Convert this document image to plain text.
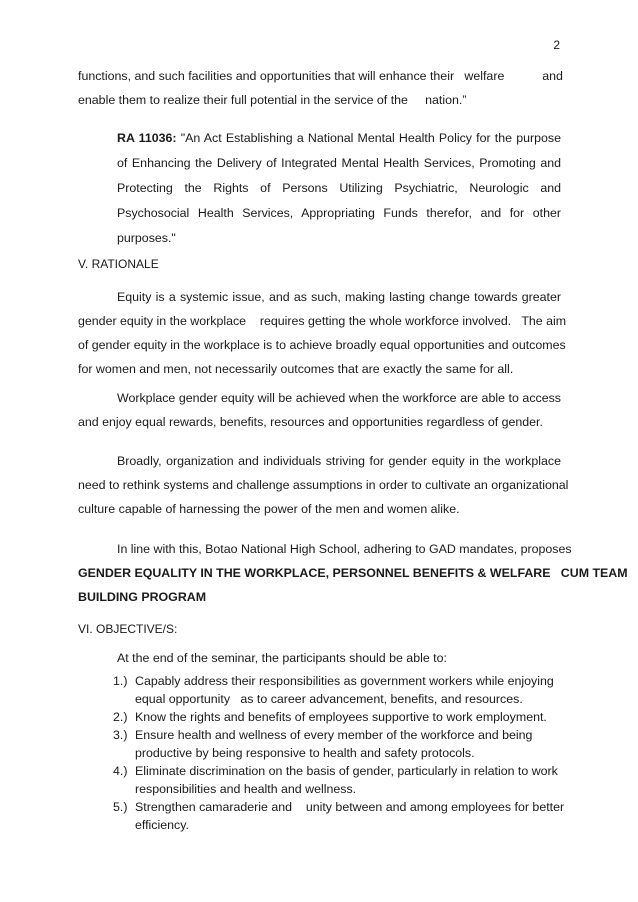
2
functions, and such facilities and opportunities that will enhance their   welfare           and
enable them to realize their full potential in the service of the     nation.”
RA 11036: "An Act Establishing a National Mental Health Policy for the purpose
of Enhancing the Delivery of Integrated Mental Health Services, Promoting and
Protecting the Rights of Persons Utilizing Psychiatric, Neurologic and
Psychosocial Health Services, Appropriating Funds therefor, and for other
purposes."
V. RATIONALE
Equity is a systemic issue, and as such, making lasting change towards greater
gender equity in the workplace    requires getting the whole workforce involved.   The aim
of gender equity in the workplace is to achieve broadly equal opportunities and outcomes
for women and men, not necessarily outcomes that are exactly the same for all.
Workplace gender equity will be achieved when the workforce are able to access
and enjoy equal rewards, benefits, resources and opportunities regardless of gender.
Broadly, organization and individuals striving for gender equity in the workplace
need to rethink systems and challenge assumptions in order to cultivate an organizational
culture capable of harnessing the power of the men and women alike.
In line with this, Botao National High School, adhering to GAD mandates, proposes
GENDER EQUALITY IN THE WORKPLACE, PERSONNEL BENEFITS & WELFARE   CUM TEAM
BUILDING PROGRAM
VI. OBJECTIVE/S:
At the end of the seminar, the participants should be able to:
1.) Capably address their responsibilities as government workers while enjoying
equal opportunity   as to career advancement, benefits, and resources.
2.) Know the rights and benefits of employees supportive to work employment.
3.) Ensure health and wellness of every member of the workforce and being
productive by being responsive to health and safety protocols.
4.) Eliminate discrimination on the basis of gender, particularly in relation to work
responsibilities and health and wellness.
5.) Strengthen camaraderie and    unity between and among employees for better
efficiency.
